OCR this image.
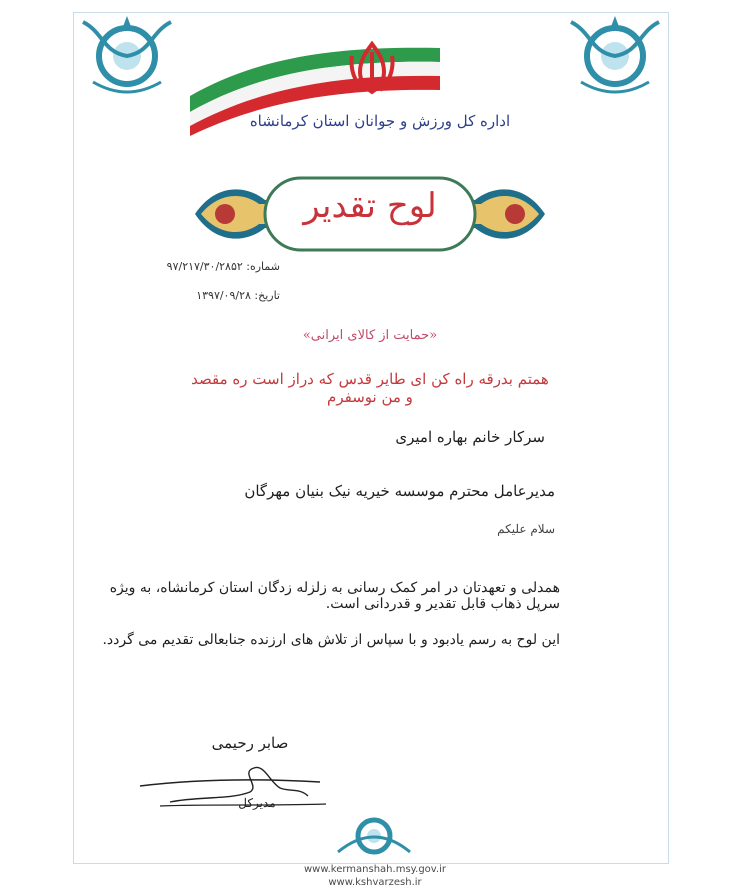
☫
اداره کل ورزش و جوانان استان کرمانشاه
لوح تقدیر
شماره: ۹۷/۲۱۷/۳۰/۲۸۵۲
تاریخ: ۱۳۹۷/۰۹/۲۸
«حمایت از کالای ایرانی»
همتم بدرقه راه کن ای طایر قدس که دراز است ره مقصد و من نوسفرم
سرکار خانم بهاره امیری
مدیرعامل محترم موسسه خیریه نیک بنیان مهرگان
سلام علیکم
همدلی و تعهدتان در امر کمک رسانی به زلزله زدگان استان کرمانشاه، به ویژه سرپل ذهاب قابل تقدیر و قدردانی است.
این لوح به رسم یادبود و با سپاس از تلاش های ارزنده جنابعالی تقدیم می گردد.
صابر رحیمی
مدیرکل
www.kermanshah.msy.gov.ir
www.kshvarzesh.ir
